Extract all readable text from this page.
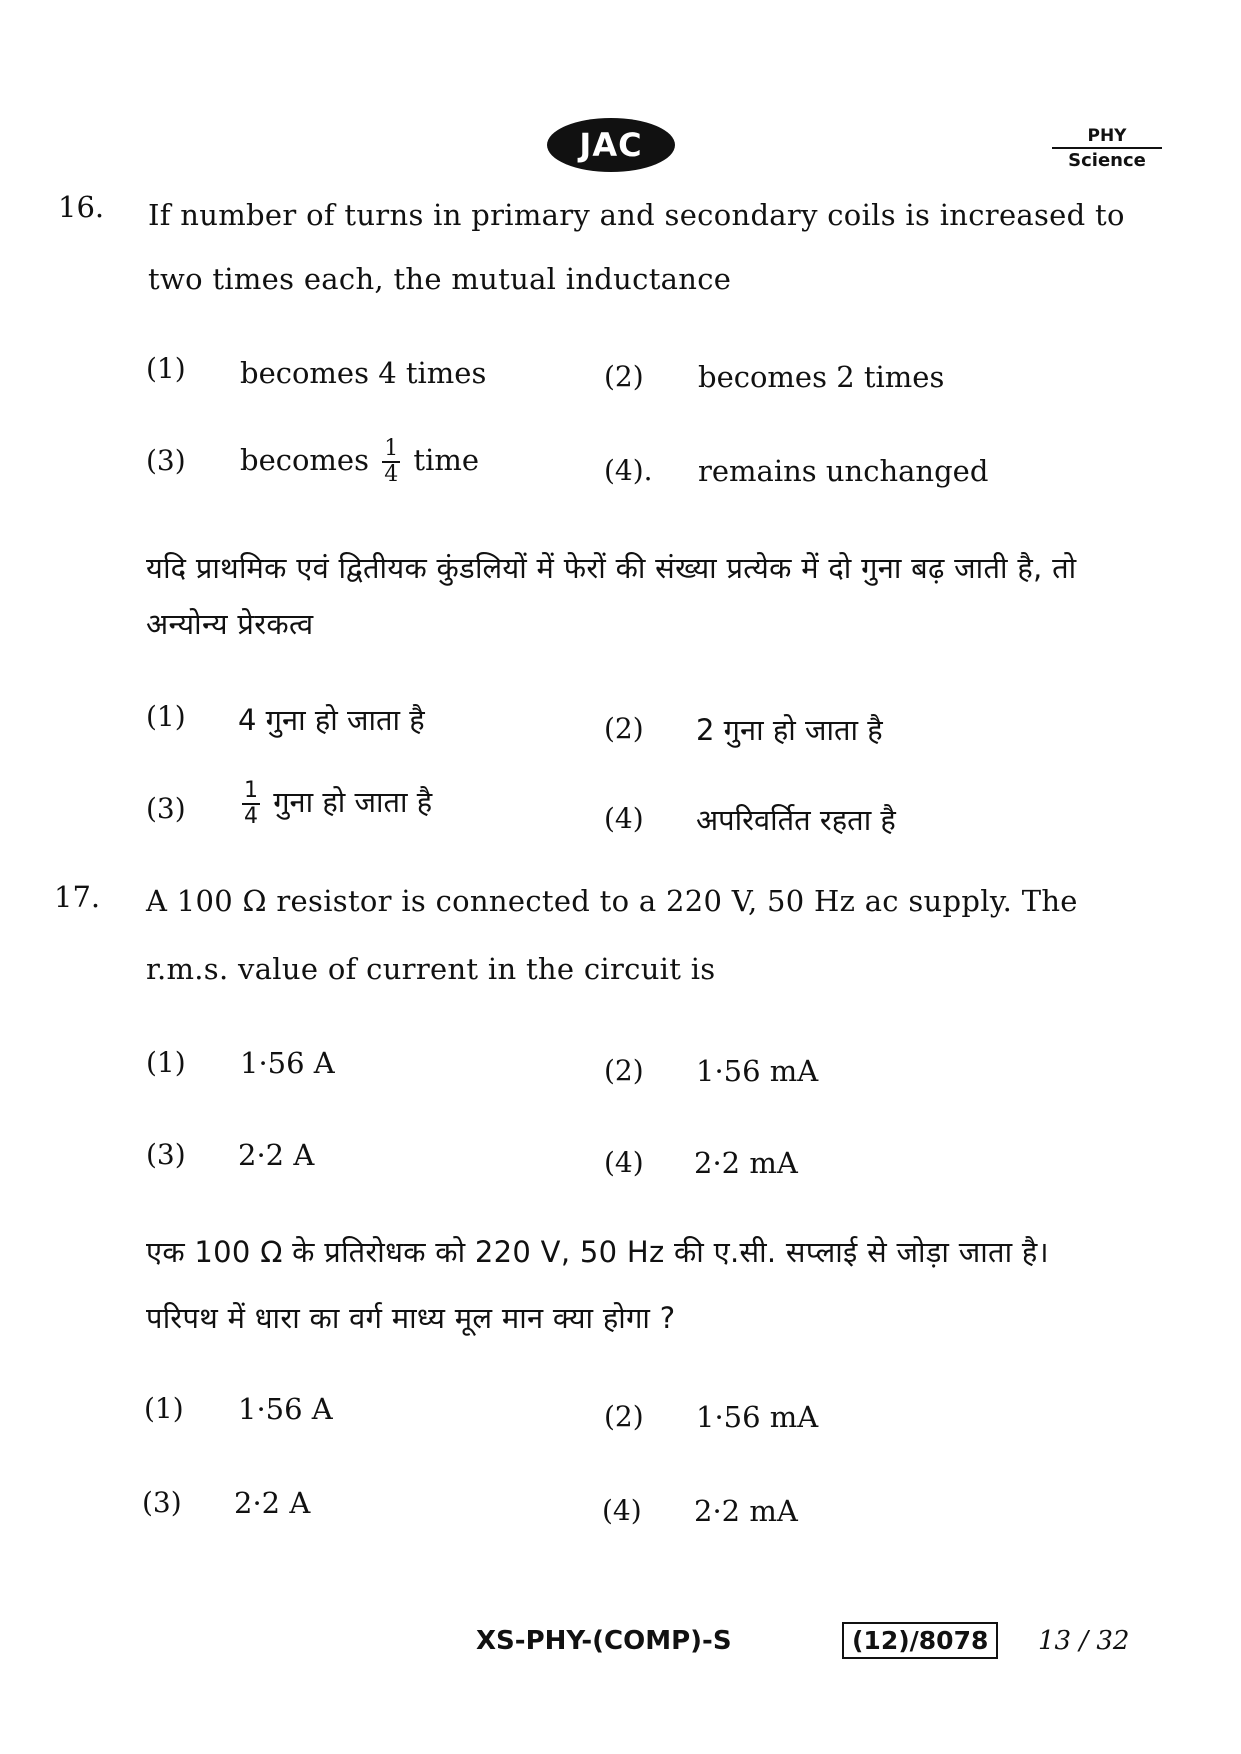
JAC	PHY
Science
16. If number of turns in primary and secondary coils is increased to
two times each, the mutual inductance
(1) becomes 4 times	(2) becomes 2 times
(3) becomes $\frac{1}{4}$ time	(4). remains unchanged
यदि प्राथमिक एवं द्वितीयक कुंडलियों में फेरों की संख्या प्रत्येक में दो गुना बढ़ जाती है, तो
अन्योन्य प्रेरकत्व
(1) 4 गुना हो जाता है	(2) 2 गुना हो जाता है
(3)	$\frac{1}{4}$ गुना हो जाता है	(4) अपरिवर्तित रहता है
17. A 100 Ω resistor is connected to a 220 V, 50 Hz ac supply. The
r.m.s. value of current in the circuit is
(1) 1·56 A	(2) 1·56 mA
(3) 2·2 A	(4) 2·2 mA
एक 100 Ω के प्रतिरोधक को 220 V, 50 Hz की ए.सी. सप्लाई से जोड़ा जाता है।
परिपथ में धारा का वर्ग माध्य मूल मान क्या होगा ?
(1) 1·56 A	(2) 1·56 mA
(3) 2·2 A	(4) 2·2 mA
XS-PHY-(COMP)-S	(12)/8078	13 / 32
